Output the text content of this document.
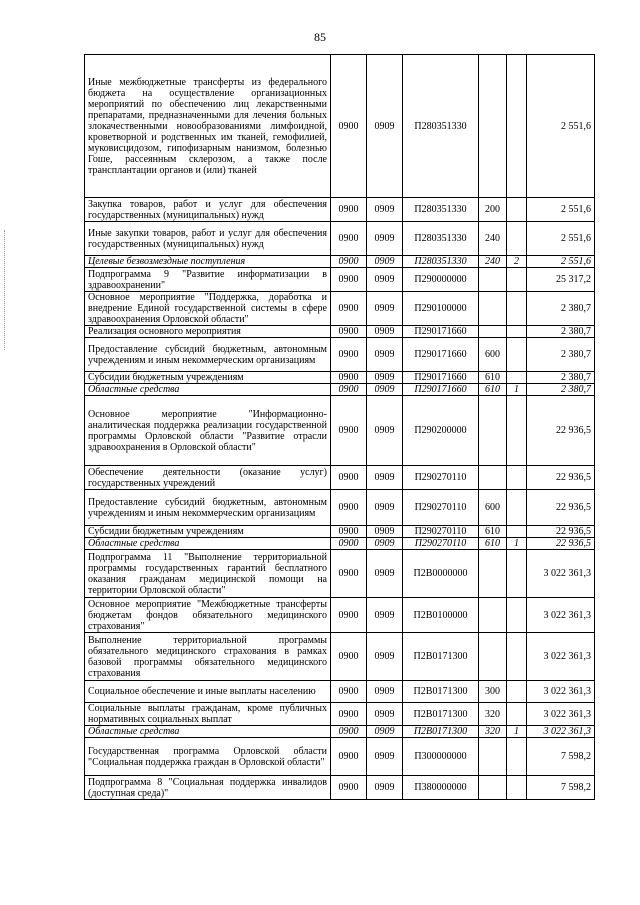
85
Иные межбюджетные трансферты из федерального бюджета на осуществление организационных мероприятий по обеспечению лиц лекарственными препаратами, предназначенными для лечения больных злокачественными новообразованиями лимфоидной, кроветворной и родственных им тканей, гемофилией, муковисцидозом, гипофизарным нанизмом, болезнью Гоше, рассеянным склерозом, а также после трансплантации органов и (или) тканей	0900	0909	П280351330			2 551,6
Закупка товаров, работ и услуг для обеспечения государственных (муниципальных) нужд	0900	0909	П280351330	200		2 551,6
Иные закупки товаров, работ и услуг для обеспечения государственных (муниципальных) нужд	0900	0909	П280351330	240		2 551,6
Целевые безвозмездные поступления	0900	0909	П280351330	240	2	2 551,6
Подпрограмма 9 "Развитие информатизации в здравоохранении"	0900	0909	П290000000			25 317,2
Основное мероприятие "Поддержка, доработка и внедрение Единой государственной системы в сфере здравоохранения Орловской области"	0900	0909	П290100000			2 380,7
Реализация основного мероприятия	0900	0909	П290171660			2 380,7
Предоставление субсидий бюджетным, автономным учреждениям и иным некоммерческим организациям	0900	0909	П290171660	600		2 380,7
Субсидии бюджетным учреждениям	0900	0909	П290171660	610		2 380,7
Областные средства	0900	0909	П290171660	610	1	2 380,7
Основное мероприятие "Информационно-аналитическая поддержка реализации государственной программы Орловской области "Развитие отрасли здравоохранения в Орловской области"	0900	0909	П290200000			22 936,5
Обеспечение деятельности (оказание услуг) государственных учреждений	0900	0909	П290270110			22 936,5
Предоставление субсидий бюджетным, автономным учреждениям и иным некоммерческим организациям	0900	0909	П290270110	600		22 936,5
Субсидии бюджетным учреждениям	0900	0909	П290270110	610		22 936,5
Областные средства	0900	0909	П290270110	610	1	22 936,5
Подпрограмма 11 "Выполнение территориальной программы государственных гарантий бесплатного оказания гражданам медицинской помощи на территории Орловской области"	0900	0909	П2В0000000			3 022 361,3
Основное мероприятие "Межбюджетные трансферты бюджетам фондов обязательного медицинского страхования"	0900	0909	П2В0100000			3 022 361,3
Выполнение территориальной программы обязательного медицинского страхования в рамках базовой программы обязательного медицинского страхования	0900	0909	П2В0171300			3 022 361,3
Социальное обеспечение и иные выплаты населению	0900	0909	П2В0171300	300		3 022 361,3
Социальные выплаты гражданам, кроме публичных нормативных социальных выплат	0900	0909	П2В0171300	320		3 022 361,3
Областные средства	0900	0909	П2В0171300	320	1	3 022 361,3
Государственная программа Орловской области "Социальная поддержка граждан в Орловской области"	0900	0909	П300000000			7 598,2
Подпрограмма 8 "Социальная поддержка инвалидов (доступная среда)"	0900	0909	П380000000			7 598,2
